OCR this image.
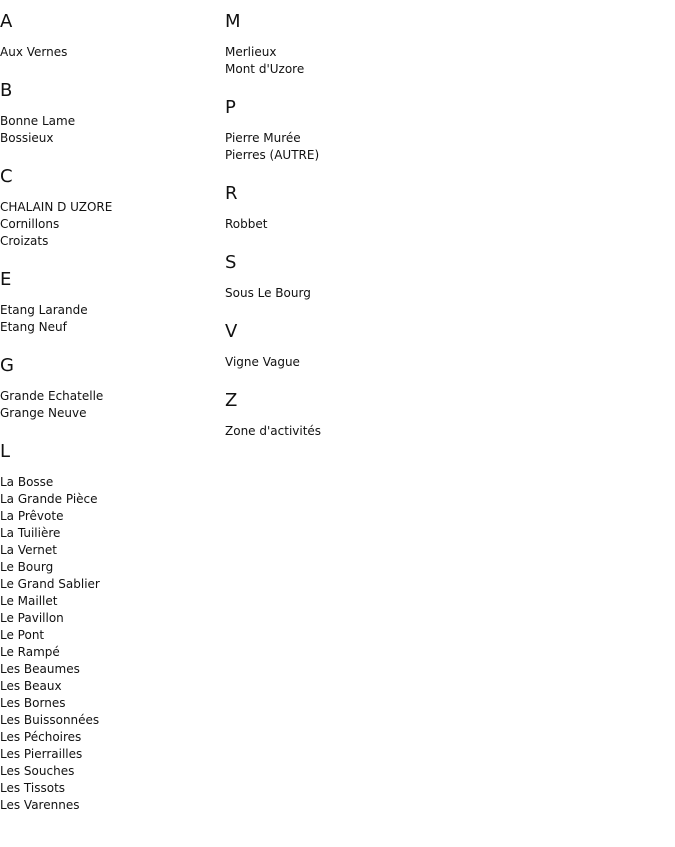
A
Aux Vernes
B
Bonne Lame
Bossieux
C
CHALAIN D UZORE
Cornillons
Croizats
E
Etang Larande
Etang Neuf
G
Grande Echatelle
Grange Neuve
L
La Bosse
La Grande Pièce
La Prêvote
La Tuilière
La Vernet
Le Bourg
Le Grand Sablier
Le Maillet
Le Pavillon
Le Pont
Le Rampé
Les Beaumes
Les Beaux
Les Bornes
Les Buissonnées
Les Péchoires
Les Pierrailles
Les Souches
Les Tissots
Les Varennes
M
Merlieux
Mont d'Uzore
P
Pierre Murée
Pierres (AUTRE)
R
Robbet
S
Sous Le Bourg
V
Vigne Vague
Z
Zone d'activités
